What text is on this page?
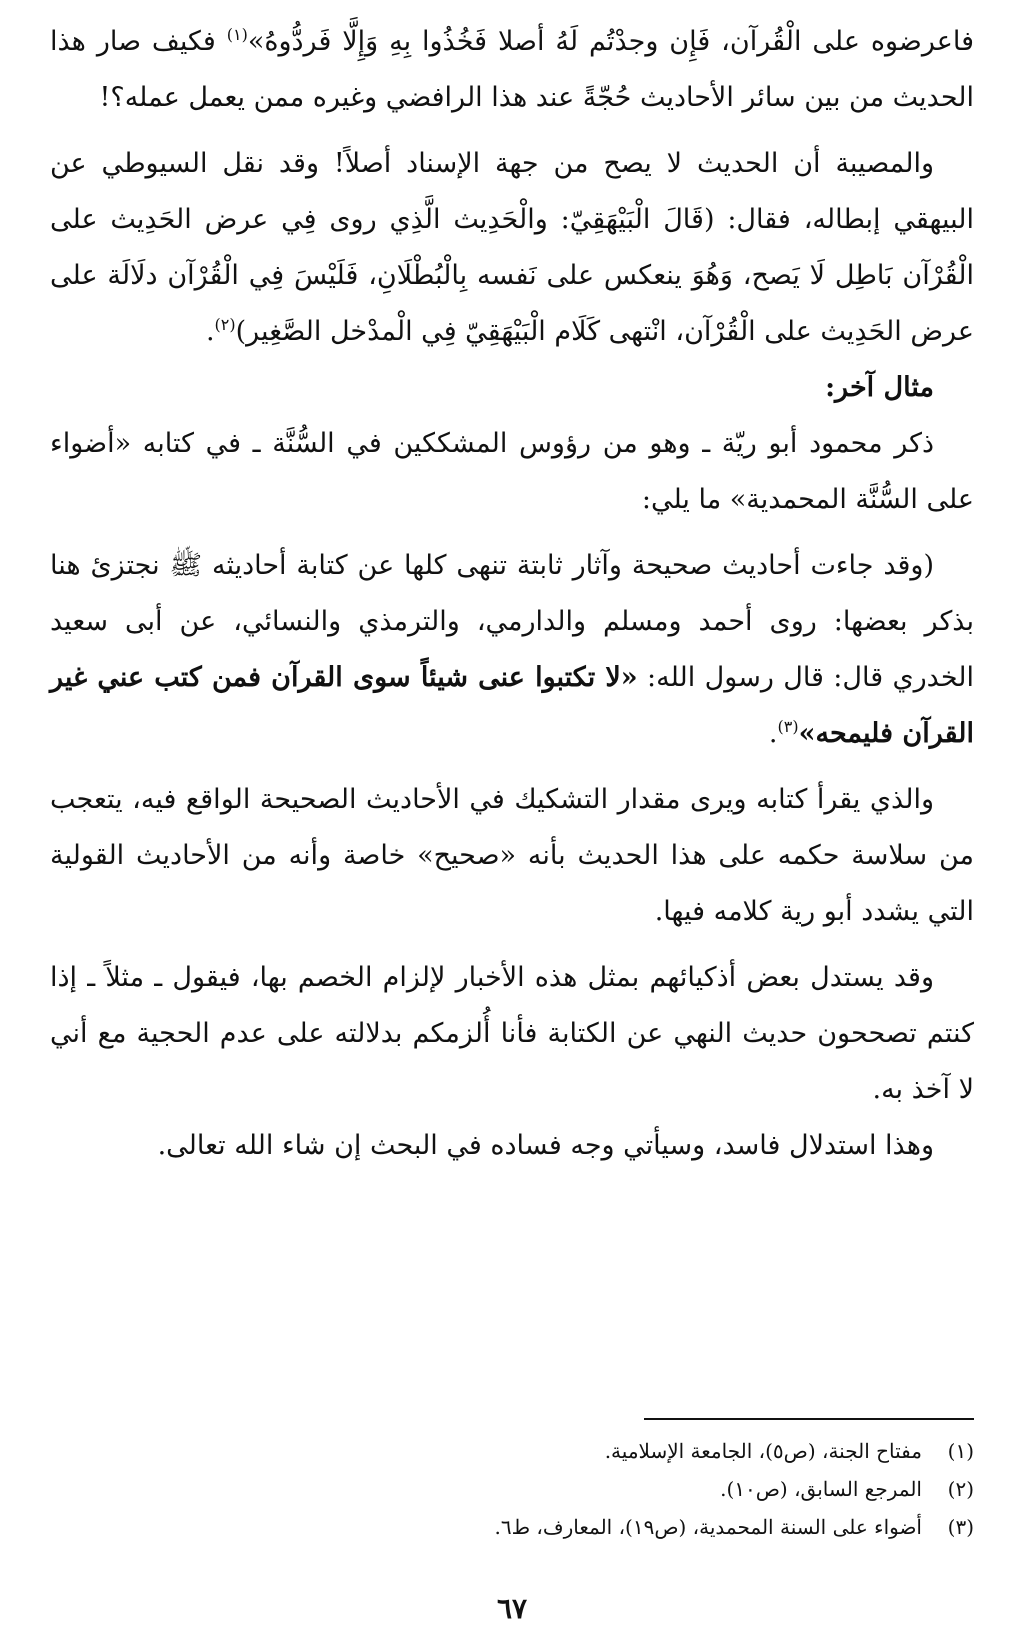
فاعرضوه على الْقُرآن، فَإِن وجدْتُم لَهُ أصلا فَخُذُوا بِهِ وَإِلَّا فَردُّوهُ»$^{(١)}$ فكيف صار هذا الحديث من بين سائر الأحاديث حُجّةً عند هذا الرافضي وغيره ممن يعمل عمله؟!

والمصيبة أن الحديث لا يصح من جهة الإسناد أصلاً! وقد نقل السيوطي عن البيهقي إبطاله، فقال: (قَالَ الْبَيْهَقِيّ: والْحَدِيث الَّذِي روى فِي عرض الحَدِيث على الْقُرْآن بَاطِل لَا يَصح، وَهُوَ ينعكس على نَفسه بِالْبُطْلَانِ، فَلَيْسَ فِي الْقُرْآن دلَالَة على عرض الحَدِيث على الْقُرْآن، انْتهى كَلَام الْبَيْهَقِيّ فِي الْمدْخل الصَّغِير)$^{(٢)}$.

مثال آخر:

ذكر محمود أبو ريّة ـ وهو من رؤوس المشككين في السُّنَّة ـ في كتابه «أضواء على السُّنَّة المحمدية» ما يلي:

(وقد جاءت أحاديث صحيحة وآثار ثابتة تنهى كلها عن كتابة أحاديثه ﷺ نجتزئ هنا بذكر بعضها: روى أحمد ومسلم والدارمي، والترمذي والنسائي، عن أبى سعيد الخدري قال: قال رسول الله: «لا تكتبوا عنى شيئاً سوى القرآن فمن كتب عني غير القرآن فليمحه»$^{(٣)}$.

والذي يقرأ كتابه ويرى مقدار التشكيك في الأحاديث الصحيحة الواقع فيه، يتعجب من سلاسة حكمه على هذا الحديث بأنه «صحيح» خاصة وأنه من الأحاديث القولية التي يشدد أبو رية كلامه فيها.

وقد يستدل بعض أذكيائهم بمثل هذه الأخبار لإلزام الخصم بها، فيقول ـ مثلاً ـ إذا كنتم تصححون حديث النهي عن الكتابة فأنا أُلزمكم بدلالته على عدم الحجية مع أني لا آخذ به.

وهذا استدلال فاسد، وسيأتي وجه فساده في البحث إن شاء الله تعالى.

(١)
مفتاح الجنة، (ص٥)، الجامعة الإسلامية.
(٢)
المرجع السابق، (ص١٠).
(٣)
أضواء على السنة المحمدية، (ص١٩)، المعارف، ط٦.
٦٧
